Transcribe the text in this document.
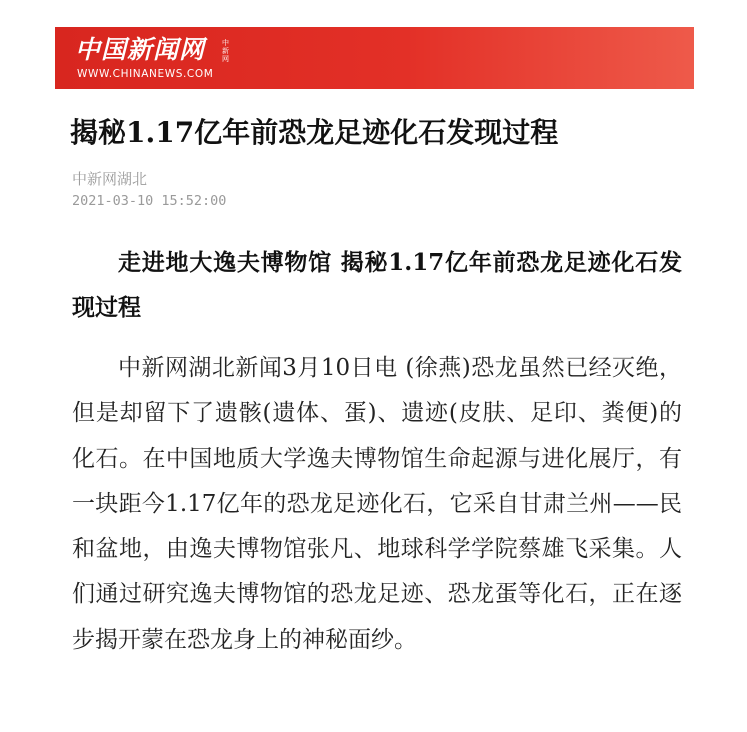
中国新闻网 中新网
WWW.CHINANEWS.COM
揭秘1.17亿年前恐龙足迹化石发现过程
中新网湖北
2021-03-10 15:52:00

走进地大逸夫博物馆 揭秘1.17亿年前恐龙足迹化石发现过程

中新网湖北新闻3月10日电 (徐燕)恐龙虽然已经灭绝，但是却留下了遗骸(遗体、蛋)、遗迹(皮肤、足印、粪便)的化石。在中国地质大学逸夫博物馆生命起源与进化展厅，有一块距今1.17亿年的恐龙足迹化石，它采自甘肃兰州——民和盆地，由逸夫博物馆张凡、地球科学学院蔡雄飞采集。人们通过研究逸夫博物馆的恐龙足迹、恐龙蛋等化石，正在逐步揭开蒙在恐龙身上的神秘面纱。
